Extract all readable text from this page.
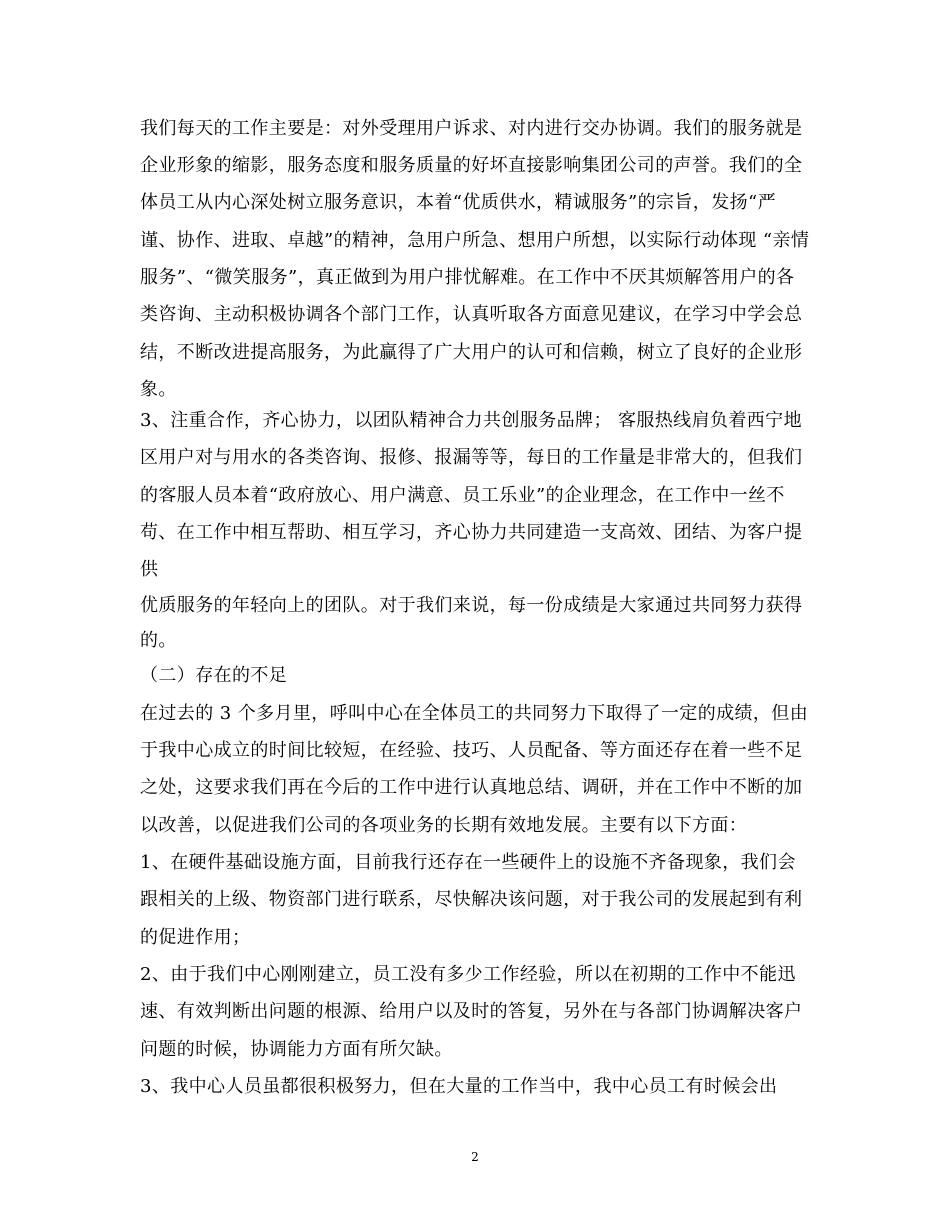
我们每天的工作主要是：对外受理用户诉求、对内进行交办协调。我们的服务就是
企业形象的缩影，服务态度和服务质量的好坏直接影响集团公司的声誉。我们的全
体员工从内心深处树立服务意识，本着“优质供水，精诚服务”的宗旨，发扬“严
谨、协作、进取、卓越”的精神，急用户所急、想用户所想，以实际行动体现 “亲情
服务”、“微笑服务”，真正做到为用户排忧解难。在工作中不厌其烦解答用户的各
类咨询、主动积极协调各个部门工作，认真听取各方面意见建议，在学习中学会总
结，不断改进提高服务，为此赢得了广大用户的认可和信赖，树立了良好的企业形
象。
3、注重合作，齐心协力，以团队精神合力共创服务品牌； 客服热线肩负着西宁地
区用户对与用水的各类咨询、报修、报漏等等，每日的工作量是非常大的，但我们
的客服人员本着“政府放心、用户满意、员工乐业”的企业理念，在工作中一丝不
苟、在工作中相互帮助、相互学习，齐心协力共同建造一支高效、团结、为客户提
供
优质服务的年轻向上的团队。对于我们来说，每一份成绩是大家通过共同努力获得
的。
（二）存在的不足
在过去的 3 个多月里，呼叫中心在全体员工的共同努力下取得了一定的成绩，但由
于我中心成立的时间比较短，在经验、技巧、人员配备、等方面还存在着一些不足
之处，这要求我们再在今后的工作中进行认真地总结、调研，并在工作中不断的加
以改善，以促进我们公司的各项业务的长期有效地发展。主要有以下方面：
1、在硬件基础设施方面，目前我行还存在一些硬件上的设施不齐备现象，我们会
跟相关的上级、物资部门进行联系，尽快解决该问题，对于我公司的发展起到有利
的促进作用；
2、由于我们中心刚刚建立，员工没有多少工作经验，所以在初期的工作中不能迅
速、有效判断出问题的根源、给用户以及时的答复，另外在与各部门协调解决客户
问题的时候，协调能力方面有所欠缺。
3、我中心人员虽都很积极努力，但在大量的工作当中，我中心员工有时候会出
2
